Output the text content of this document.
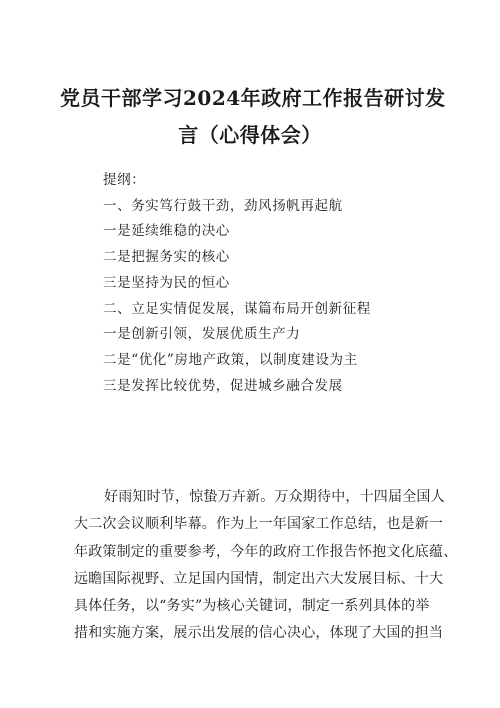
党员干部学习2024年政府工作报告研讨发
言（心得体会）
提纲：
一、务实笃行鼓干劲，劲风扬帆再起航
一是延续维稳的决心
二是把握务实的核心
三是坚持为民的恒心
二、立足实情促发展，谋篇布局开创新征程
一是创新引领，发展优质生产力
二是“优化”房地产政策，以制度建设为主
三是发挥比较优势，促进城乡融合发展
好雨知时节，惊蛰万卉新。万众期待中，十四届全国人
大二次会议顺利毕幕。作为上一年国家工作总结，也是新一
年政策制定的重要参考，今年的政府工作报告怀抱文化底蕴、
远瞻国际视野、立足国内国情，制定出六大发展目标、十大
具体任务，以“务实”为核心关键词，制定一系列具体的举
措和实施方案，展示出发展的信心决心，体现了大国的担当
